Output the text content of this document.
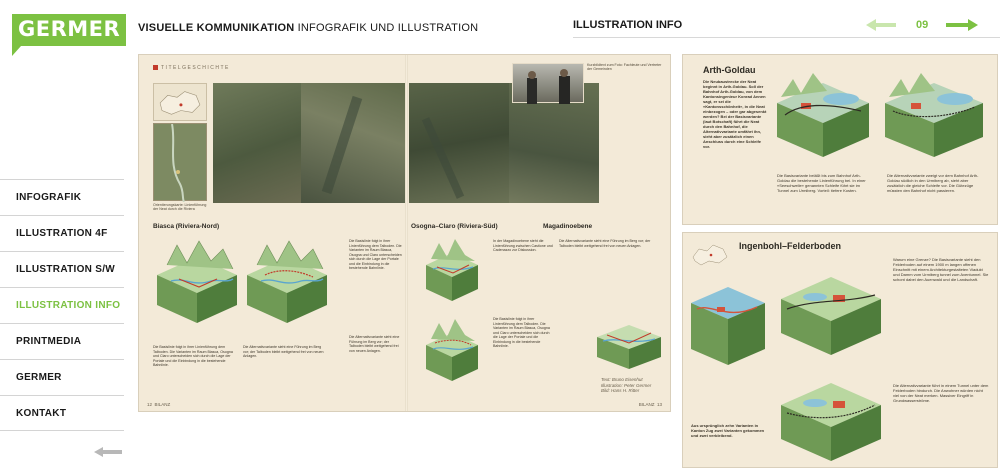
GERMER VISUELLE KOMMUNIKATION INFOGRAFIK UND ILLUSTRATION	ILLUSTRATION INFO	09
INFOGRAFIK
ILLUSTRATION 4F
ILLUSTRATION S/W
ILLUSTRATION INFO
PRINTMEDIA
GERMER
KONTAKT
TITELGESCHICHTE
Orientierungskarte: Linienführung der Neat durch die Riviera
Kurzbildtext zum Foto: Fachleute und Vertreter der Gemeinden
Biasca (Riviera-Nord)	Osogna–Claro (Riviera-Süd)	Magadinoebene
Die Basislinie folgt in ihrer Linienführung dem Talboden. Die Varianten im Raum Biasca, Osogna und Claro unterscheiden sich durch die Lage der Portale und die Einbindung in die bestehende Bahnlinie.
Die Alternativvariante sieht eine Führung im Berg vor; der Talboden bleibt weitgehend frei von neuen Anlagen.
Die Basislinie folgt in ihrer Linienführung dem Talboden. Die Varianten im Raum Biasca, Osogna und Claro unterscheiden sich durch die Lage der Portale und die Einbindung in die bestehende Bahnlinie.
Die Alternativvariante sieht eine Führung im Berg vor; der Talboden bleibt weitgehend frei von neuen Anlagen.
In der Magadinoebene steht die Linienführung zwischen Castione und Cadenazzo zur Diskussion.
Die Basislinie folgt in ihrer Linienführung dem Talboden. Die Varianten im Raum Biasca, Osogna und Claro unterscheiden sich durch die Lage der Portale und die Einbindung in die bestehende Bahnlinie.
Die Alternativvariante sieht eine Führung im Berg vor; der Talboden bleibt weitgehend frei von neuen Anlagen.
Text: Bruno Eisenhut
Illustration: Peter Germer
Bild: Hans H. Ritter
12 BILANZ	BILANZ 13
Arth-Goldau
Die Neubaustrecke der Neat beginnt in Arth-Goldau. Soll der Bahnhof Arth-Goldau, von dem Kantonsingenieur Konrad Annen sagt, er sei die «Kantonsschönheit», in die Neat einbezogen – oder gar abgesenkt werden? Bei der Basisvariante (laut Botschaft) führt die Neat durch den Bahnhof, die Alternativvariante umfährt ihn, sieht aber zusätzlich einen Anschluss durch eine Schleife vor.
Die Basisvariante beläßt bis zum Bahnhof Arth-Goldau die bestehende Linienführung bei. In einer «Seeschwelle» genannten Schleife führt sie im Tunnel zum Urmiberg. Vorteil: tiefere Kosten.
Die Alternativvariante zweigt vor dem Bahnhof Arth-Goldau südlich in den Urmiberg ab, sieht aber zusätzlich die gleiche Schleife vor. Die Gütezüge müssten den Bahnhof nicht passieren.
Ingenbohl–Felderboden
Warum eine Grenze? Die Basisvariante sieht den Felderboden auf einem 1900 m langen offenen Einschnitt mit einem Architekturgestalteten Viadukt und Damm vom Urmiberg tunnel zum Axentunnel. Sie schont dabei den Auenwald und die Landschaft.
Aus ursprünglich zehn Varianten in Kanton Zug zwei Varianten gekommen und zwei verbleibend.
Die Alternativvariante führt in einem Tunnel unter dem Felderboden hindurch. Die Anwohner würden nicht viel von der Neat merken. Massiver Eingriff in Grundwasserströme.
